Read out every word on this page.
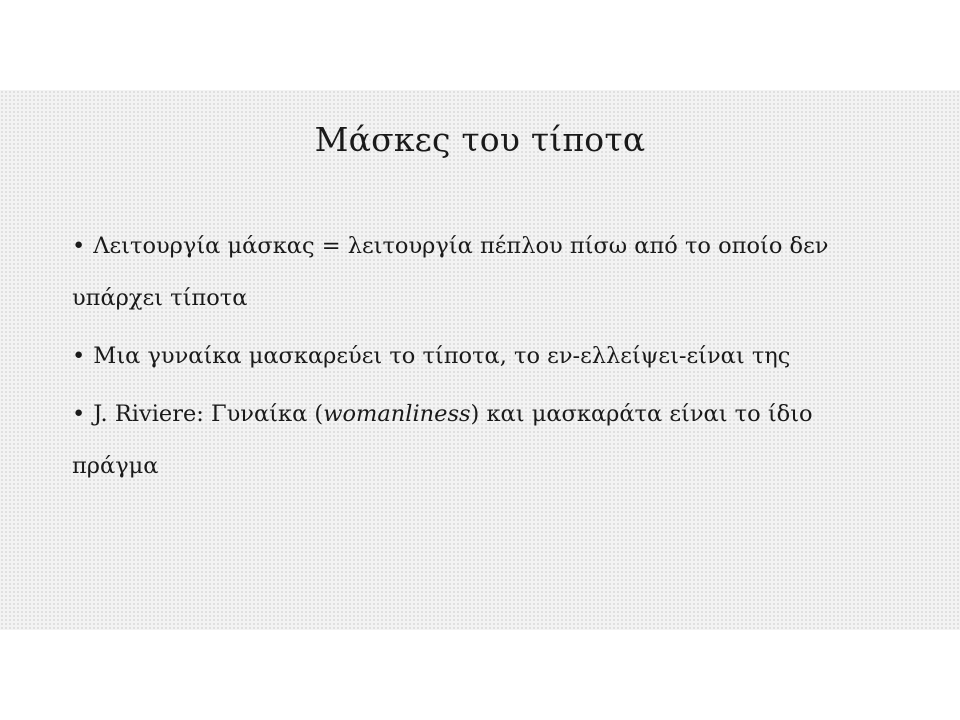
Μάσκες του τίποτα
• Λειτουργία μάσκας = λειτουργία πέπλου πίσω από το οποίο δεν υπάρχει τίποτα
• Μια γυναίκα μασκαρεύει το τίποτα, το εν-ελλείψει-είναι της
• J. Riviere: Γυναίκα (womanliness) και μασκαράτα είναι το ίδιο πράγμα
